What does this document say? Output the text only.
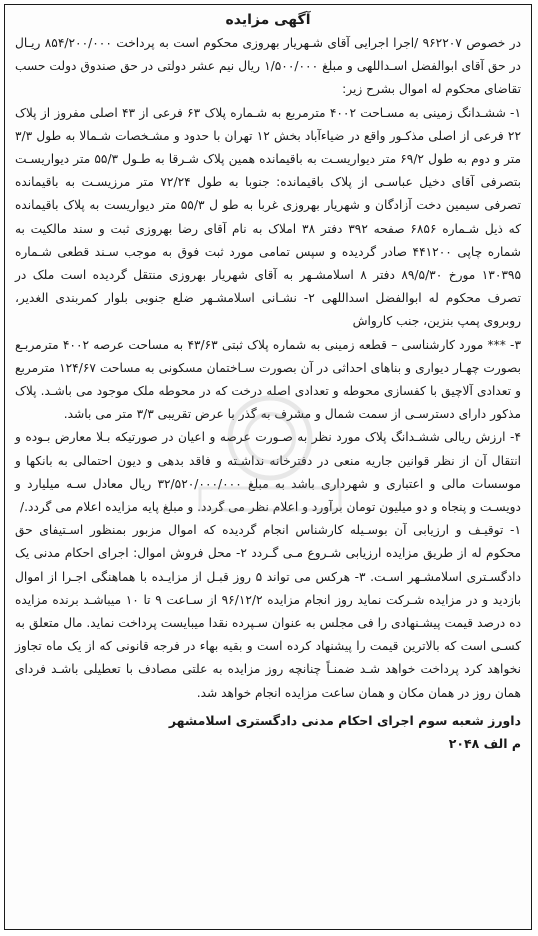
آگهی مزایده

در خصوص ۹۶۲۲۰۷ /اجرا اجرایی آقای شـهریار بهروزی محکوم است به پرداخت ۸۵۴/۲۰۰/۰۰۰ ریـال در حق آقای ابوالفضل اسـداللهی و مبلغ ۱/۵۰۰/۰۰۰ ریال نیم عشر دولتی در حق صندوق دولت حسب تقاضای محکوم له اموال بشرح زیر:

۱- ششـدانگ زمینی به مسـاحت ۴۰۰۲ مترمربع به شـماره پلاک ۶۳ فرعی از ۴۳ اصلی مفروز از پلاک ۲۲ فرعی از اصلی مذکـور واقع در ضیاءآباد بخش ۱۲ تهران با حدود و مشـخصات شـمالا به طول ۳/۳ متر و دوم به طول ۶۹/۲ متر دیواریسـت به باقیمانده همین پلاک شـرقا به طـول ۵۵/۳ متر دیواریسـت بتصرفی آقای دخیل عباسـی از پلاک باقیمانده: جنوبا به طول ۷۲/۲۴ متر مرزیسـت به باقیمانده تصرفی سیمین دخت آزادگان و شهریار بهروزی غربا به طو ل ۵۵/۳ متر دیواریست به پلاک باقیمانده که ذیل شـماره ۶۸۵۶ صفحه ۳۹۲ دفتر ۳۸ املاک به نام آقای رضا بهروزی ثبت و سند مالکیت به شماره چاپی ۴۴۱۲۰۰ صادر گردیده و سپس تمامی مورد ثبت فوق به موجب سـند قطعی شـماره ۱۳۰۳۹۵ مورخ ۸۹/۵/۳۰ دفتر ۸ اسلامشـهر به آقای شهریار بهروزی منتقل گردیده است ملک در تصرف محکوم له ابوالفضل اسداللهی ۲- نشـانی اسلامشـهر ضلع جنوبی بلوار کمربندی الغدیر، روبروی پمپ بنزین، جنب کارواش

۳- *** مورد کارشناسی – قطعه زمینی به شماره پلاک ثبتی ۴۳/۶۳ به مساحت عرصه ۴۰۰۲ مترمربـع بصورت چهـار دیواری و بناهای احداثی در آن بصورت سـاختمان مسکونی به مساحت ۱۲۴/۶۷ مترمربع و تعدادی آلاچیق با کفسازی محوطه و تعدادی اصله درخت که در محوطه ملک موجود می باشـد. پلاک مذکور دارای دسترسـی از سمت شمال و مشرف به گذر با عرض تقریبی ۳/۳ متر می باشد.

۴- ارزش ریالی ششـدانگ پلاک مورد نظر به صـورت عرصه و اعیان در صورتیکه بـلا معارض بـوده و انتقال آن از نظر قوانین جاریه منعی در دفترخانه نداشـته و فاقد بدهی و دیون احتمالی به بانکها و موسسات مالی و اعتباری و شهرداری باشد به مبلغ ۳۲/۵۲۰/۰۰۰/۰۰۰ ریال معادل سـه میلیارد و دویسـت و پنجاه و دو میلیون تومان برآورد و اعلام نظر می گردد. و مبلغ پایه مزایده اعلام می گردد./

۱- توقیـف و ارزیابی آن بوسـیله کارشناس انجام گردیده که اموال مزبور بمنظور اسـتیفای حق محکوم له از طریق مزایده ارزیابی شـروع مـی گـردد ۲- محل فروش اموال: اجرای احکام مدنی یک دادگسـتری اسلامشـهر اسـت. ۳- هرکس می تواند ۵ روز قبـل از مزایـده با هماهنگی اجـرا از اموال بازدید و در مزایده شـرکت نماید روز انجام مزایده ۹۶/۱۲/۲ از سـاعت ۹ تا ۱۰ میباشـد برنده مزایده ده درصد قیمت پیشـنهادی را فی مجلس به عنوان سـپرده نقدا میبایست پرداخت نماید. مال متعلق به کسـی است که بالاترین قیمت را پیشنهاد کرده است و بقیه بهاء در فرجه قانونی که از یک ماه تجاوز نخواهد کرد پرداخت خواهد شـد ضمنـاً چنانچه روز مزایده به علتی مصادف با تعطیلی باشـد فردای همان روز در همان مکان و همان ساعت مزایده انجام خواهد شد.

داورز شعبه سوم اجرای احکام مدنی دادگستری اسلامشهر
م الف ۲۰۴۸
